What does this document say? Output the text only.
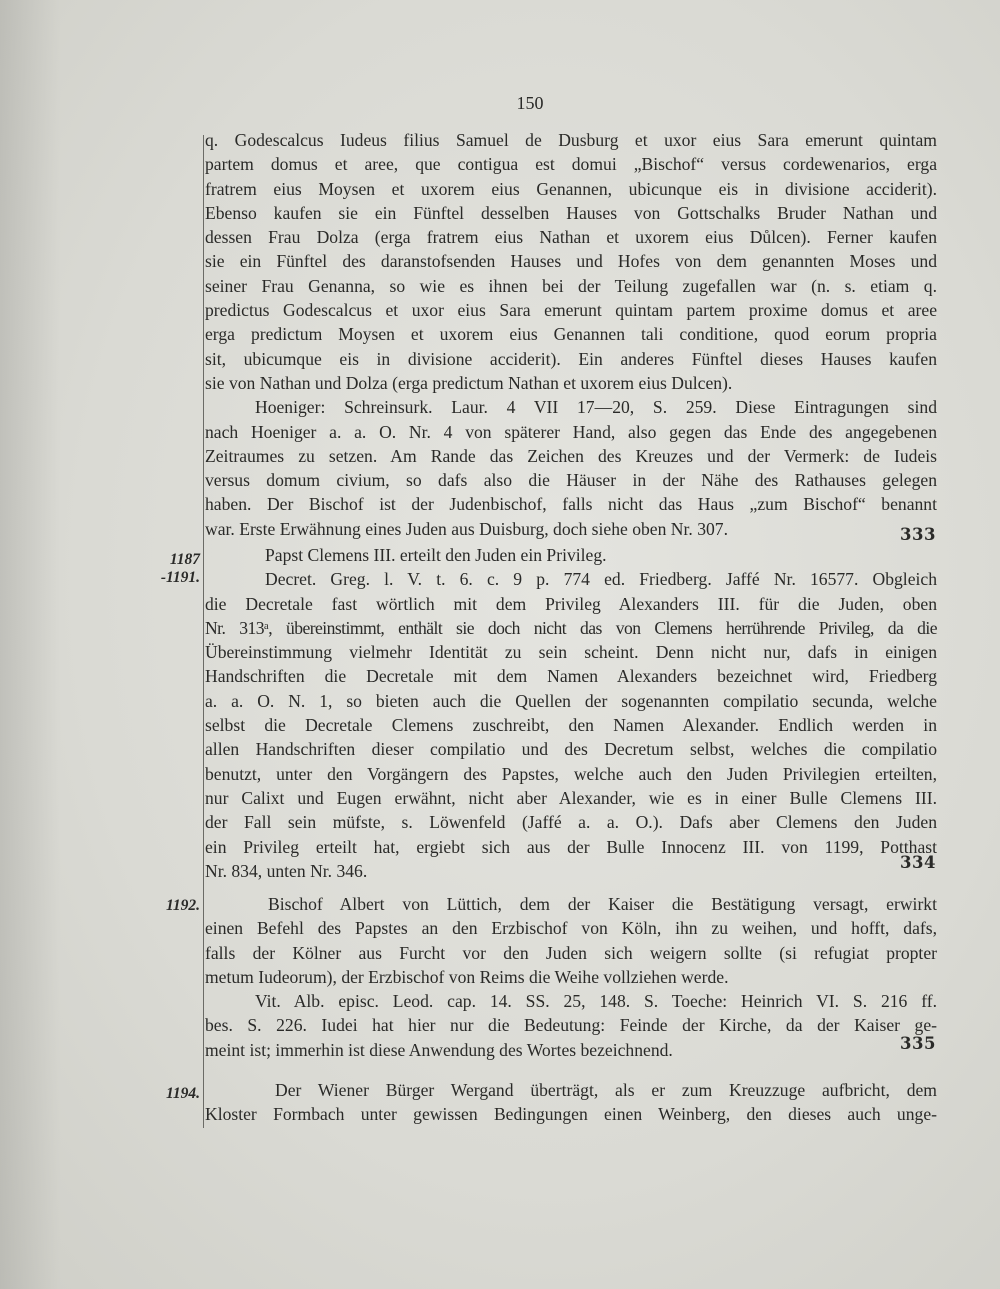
150

q. Godescalcus Iudeus filius Samuel de Dusburg et uxor eius Sara emerunt quintam
partem domus et aree, que contigua est domui „Bischof“ versus cordewenarios, erga
fratrem eius Moysen et uxorem eius Genannen, ubicunque eis in divisione acciderit).
Ebenso kaufen sie ein Fünftel desselben Hauses von Gottschalks Bruder Nathan und
dessen Frau Dolza (erga fratrem eius Nathan et uxorem eius Důlcen). Ferner kaufen
sie ein Fünftel des daranstofsenden Hauses und Hofes von dem genannten Moses und
seiner Frau Genanna, so wie es ihnen bei der Teilung zugefallen war (n. s. etiam q.
predictus Godescalcus et uxor eius Sara emerunt quintam partem proxime domus et aree
erga predictum Moysen et uxorem eius Genannen tali conditione, quod eorum propria
sit, ubicumque eis in divisione acciderit). Ein anderes Fünftel dieses Hauses kaufen
sie von Nathan und Dolza (erga predictum Nathan et uxorem eius Dulcen).
Hoeniger: Schreinsurk. Laur. 4 VII 17—20, S. 259. Diese Eintragungen sind
nach Hoeniger a. a. O. Nr. 4 von späterer Hand, also gegen das Ende des angegebenen
Zeitraumes zu setzen. Am Rande das Zeichen des Kreuzes und der Vermerk: de Iudeis
versus domum civium, so dafs also die Häuser in der Nähe des Rathauses gelegen
haben. Der Bischof ist der Judenbischof, falls nicht das Haus „zum Bischof“ benannt
war. Erste Erwähnung eines Juden aus Duisburg, doch siehe oben Nr. 307.	333
1187
-1191.

Papst Clemens III. erteilt den Juden ein Privileg.
Decret. Greg. l. V. t. 6. c. 9 p. 774 ed. Friedberg. Jaffé Nr. 16577. Obgleich
die Decretale fast wörtlich mit dem Privileg Alexanders III. für die Juden, oben
Nr. 313ᵃ, übereinstimmt, enthält sie doch nicht das von Clemens herrührende Privileg, da die
Übereinstimmung vielmehr Identität zu sein scheint. Denn nicht nur, dafs in einigen
Handschriften die Decretale mit dem Namen Alexanders bezeichnet wird, Friedberg
a. a. O. N. 1, so bieten auch die Quellen der sogenannten compilatio secunda, welche
selbst die Decretale Clemens zuschreibt, den Namen Alexander. Endlich werden in
allen Handschriften dieser compilatio und des Decretum selbst, welches die compilatio
benutzt, unter den Vorgängern des Papstes, welche auch den Juden Privilegien erteilten,
nur Calixt und Eugen erwähnt, nicht aber Alexander, wie es in einer Bulle Clemens III.
der Fall sein müfste, s. Löwenfeld (Jaffé a. a. O.). Dafs aber Clemens den Juden
ein Privileg erteilt hat, ergiebt sich aus der Bulle Innocenz III. von 1199, Potthast
Nr. 834, unten Nr. 346.	334
1192.	Bischof Albert von Lüttich, dem der Kaiser die Bestätigung versagt, erwirkt
einen Befehl des Papstes an den Erzbischof von Köln, ihn zu weihen, und hofft, dafs,
falls der Kölner aus Furcht vor den Juden sich weigern sollte (si refugiat propter
metum Iudeorum), der Erzbischof von Reims die Weihe vollziehen werde.
Vit. Alb. episc. Leod. cap. 14. SS. 25, 148. S. Toeche: Heinrich VI. S. 216 ff.
bes. S. 226. Iudei hat hier nur die Bedeutung: Feinde der Kirche, da der Kaiser ge-
meint ist; immerhin ist diese Anwendung des Wortes bezeichnend.	335
1194.	Der Wiener Bürger Wergand überträgt, als er zum Kreuzzuge aufbricht, dem
Kloster Formbach unter gewissen Bedingungen einen Weinberg, den dieses auch unge-
